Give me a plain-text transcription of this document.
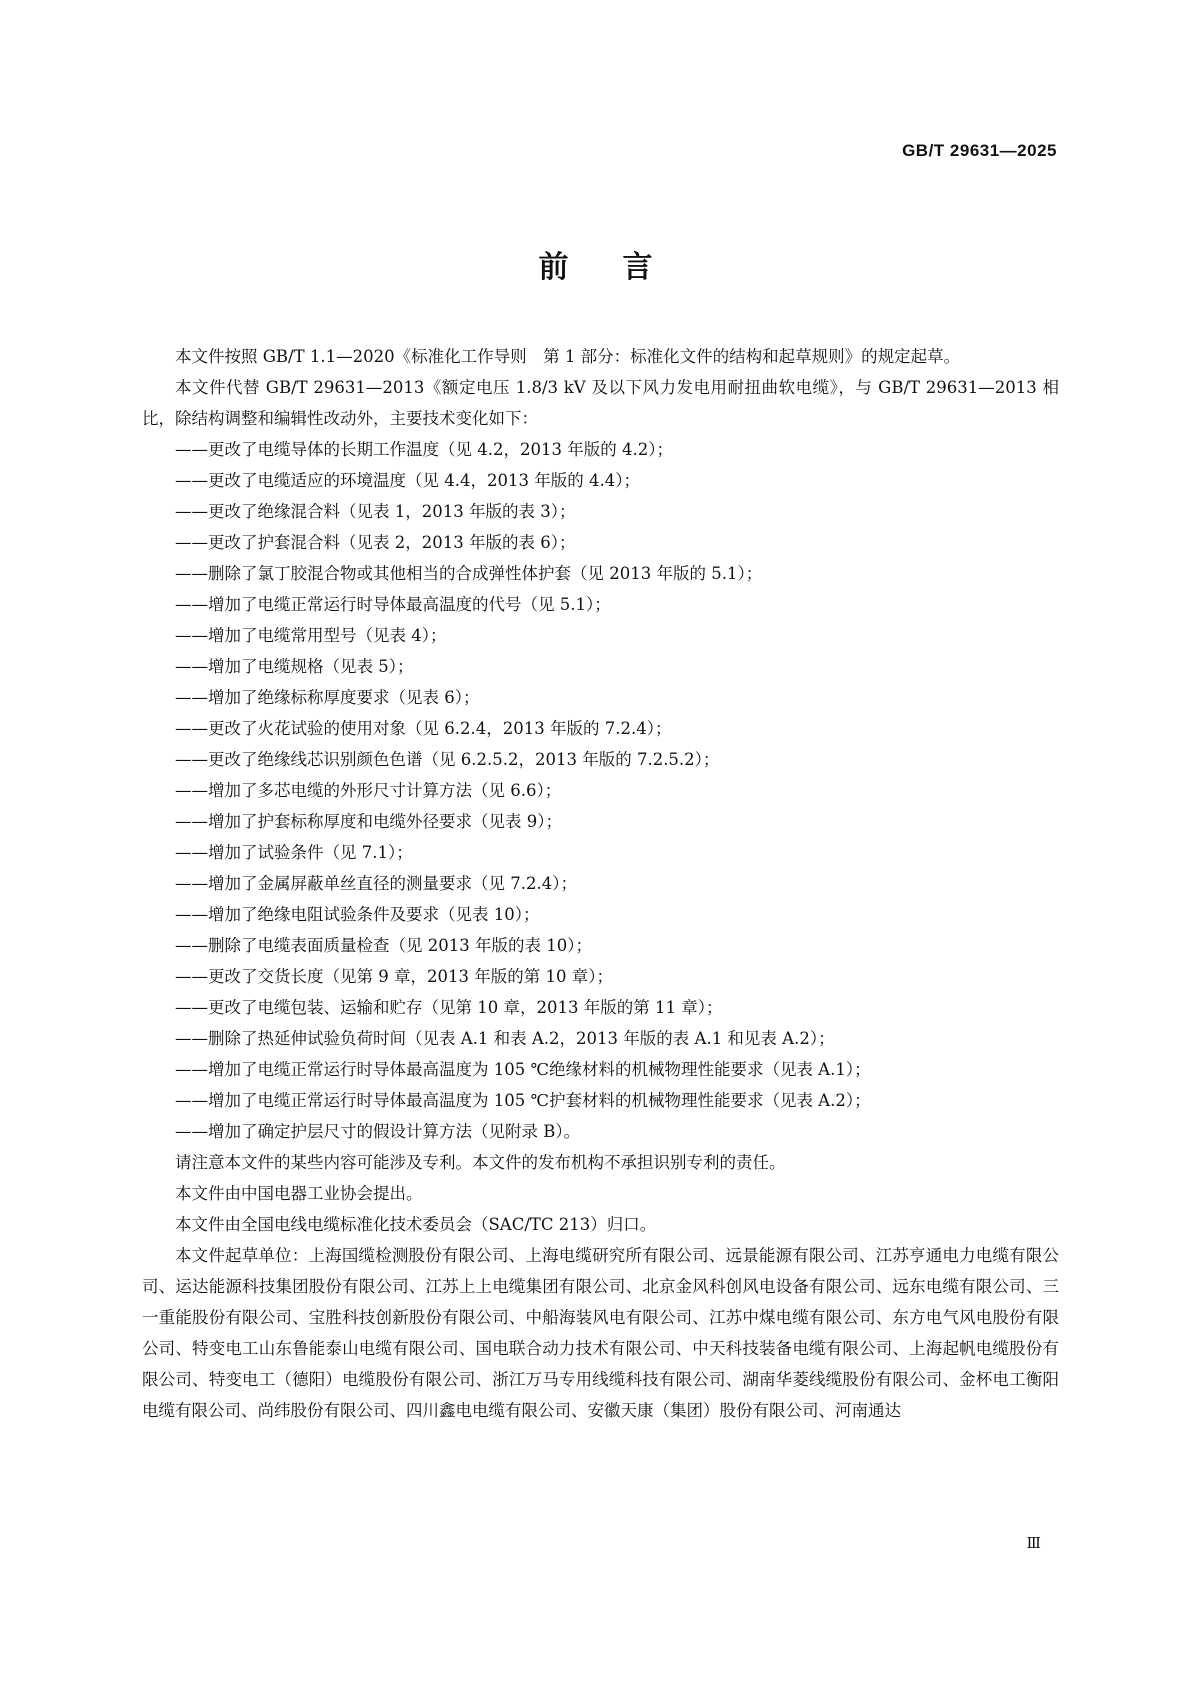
GB/T 29631—2025
前言

本文件按照 GB/T 1.1—2020《标准化工作导则　第 1 部分：标准化文件的结构和起草规则》的规定起草。

本文件代替 GB/T 29631—2013《额定电压 1.8/3 kV 及以下风力发电用耐扭曲软电缆》，与 GB/T 29631—2013 相比，除结构调整和编辑性改动外，主要技术变化如下：

——更改了电缆导体的长期工作温度（见 4.2，2013 年版的 4.2）；

——更改了电缆适应的环境温度（见 4.4，2013 年版的 4.4）；

——更改了绝缘混合料（见表 1，2013 年版的表 3）；

——更改了护套混合料（见表 2，2013 年版的表 6）；

——删除了氯丁胶混合物或其他相当的合成弹性体护套（见 2013 年版的 5.1）；

——增加了电缆正常运行时导体最高温度的代号（见 5.1）；

——增加了电缆常用型号（见表 4）；

——增加了电缆规格（见表 5）；

——增加了绝缘标称厚度要求（见表 6）；

——更改了火花试验的使用对象（见 6.2.4，2013 年版的 7.2.4）；

——更改了绝缘线芯识别颜色色谱（见 6.2.5.2，2013 年版的 7.2.5.2）；

——增加了多芯电缆的外形尺寸计算方法（见 6.6）；

——增加了护套标称厚度和电缆外径要求（见表 9）；

——增加了试验条件（见 7.1）；

——增加了金属屏蔽单丝直径的测量要求（见 7.2.4）；

——增加了绝缘电阻试验条件及要求（见表 10）；

——删除了电缆表面质量检查（见 2013 年版的表 10）；

——更改了交货长度（见第 9 章，2013 年版的第 10 章）；

——更改了电缆包装、运输和贮存（见第 10 章，2013 年版的第 11 章）；

——删除了热延伸试验负荷时间（见表 A.1 和表 A.2，2013 年版的表 A.1 和见表 A.2）；

——增加了电缆正常运行时导体最高温度为 105 ℃绝缘材料的机械物理性能要求（见表 A.1）；

——增加了电缆正常运行时导体最高温度为 105 ℃护套材料的机械物理性能要求（见表 A.2）；

——增加了确定护层尺寸的假设计算方法（见附录 B）。

请注意本文件的某些内容可能涉及专利。本文件的发布机构不承担识别专利的责任。

本文件由中国电器工业协会提出。

本文件由全国电线电缆标准化技术委员会（SAC/TC 213）归口。

本文件起草单位：上海国缆检测股份有限公司、上海电缆研究所有限公司、远景能源有限公司、江苏亨通电力电缆有限公司、运达能源科技集团股份有限公司、江苏上上电缆集团有限公司、北京金风科创风电设备有限公司、远东电缆有限公司、三一重能股份有限公司、宝胜科技创新股份有限公司、中船海装风电有限公司、江苏中煤电缆有限公司、东方电气风电股份有限公司、特变电工山东鲁能泰山电缆有限公司、国电联合动力技术有限公司、中天科技装备电缆有限公司、上海起帆电缆股份有限公司、特变电工（德阳）电缆股份有限公司、浙江万马专用线缆科技有限公司、湖南华菱线缆股份有限公司、金杯电工衡阳电缆有限公司、尚纬股份有限公司、四川鑫电电缆有限公司、安徽天康（集团）股份有限公司、河南通达

Ⅲ
